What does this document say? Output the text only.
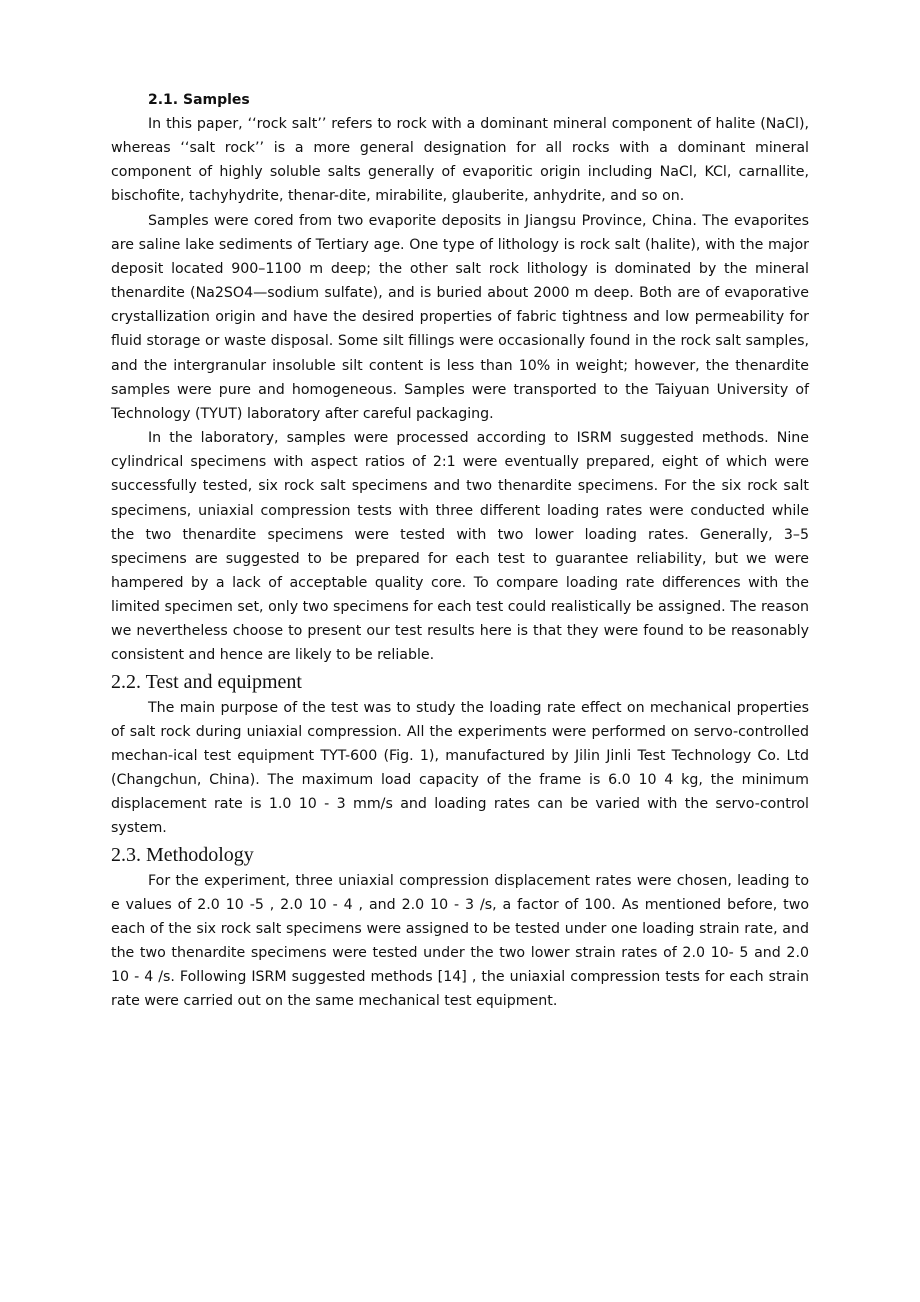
2.1. Samples

In this paper, ‘‘rock salt’’ refers to rock with a dominant mineral component of halite (NaCl), whereas ‘‘salt rock’’ is a more general designation for all rocks with a dominant mineral component of highly soluble salts generally of evaporitic origin including NaCl, KCl, carnallite, bischofite, tachyhydrite, thenar-dite, mirabilite, glauberite, anhydrite, and so on.

Samples were cored from two evaporite deposits in Jiangsu Province, China. The evaporites are saline lake sediments of Tertiary age. One type of lithology is rock salt (halite), with the major deposit located 900–1100 m deep; the other salt rock lithology is dominated by the mineral thenardite (Na2SO4—sodium sulfate), and is buried about 2000 m deep. Both are of evaporative crystallization origin and have the desired properties of fabric tightness and low permeability for fluid storage or waste disposal. Some silt fillings were occasionally found in the rock salt samples, and the intergranular insoluble silt content is less than 10% in weight; however, the thenardite samples were pure and homogeneous. Samples were transported to the Taiyuan University of Technology (TYUT) laboratory after careful packaging.

In the laboratory, samples were processed according to ISRM suggested methods. Nine cylindrical specimens with aspect ratios of 2:1 were eventually prepared, eight of which were successfully tested, six rock salt specimens and two thenardite specimens. For the six rock salt specimens, uniaxial compression tests with three different loading rates were conducted while the two thenardite specimens were tested with two lower loading rates. Generally, 3–5 specimens are suggested to be prepared for each test to guarantee reliability, but we were hampered by a lack of acceptable quality core. To compare loading rate differences with the limited specimen set, only two specimens for each test could realistically be assigned. The reason we nevertheless choose to present our test results here is that they were found to be reasonably consistent and hence are likely to be reliable.

2.2. Test and equipment

The main purpose of the test was to study the loading rate effect on mechanical properties of salt rock during uniaxial compression. All the experiments were performed on servo-controlled mechan-ical test equipment TYT-600 (Fig. 1), manufactured by Jilin Jinli Test Technology Co. Ltd (Changchun, China). The maximum load capacity of the frame is 6.0 10 4 kg, the minimum displacement rate is 1.0 10 - 3 mm/s and loading rates can be varied with the servo-control system.

2.3. Methodology

For the experiment, three uniaxial compression displacement rates were chosen, leading to e values of 2.0 10 -5 , 2.0 10 - 4 , and 2.0 10 - 3 /s, a factor of 100. As mentioned before, two each of the six rock salt specimens were assigned to be tested under one loading strain rate, and the two thenardite specimens were tested under the two lower strain rates of 2.0 10- 5 and 2.0 10 - 4 /s. Following ISRM suggested methods [14] , the uniaxial compression tests for each strain rate were carried out on the same mechanical test equipment.
